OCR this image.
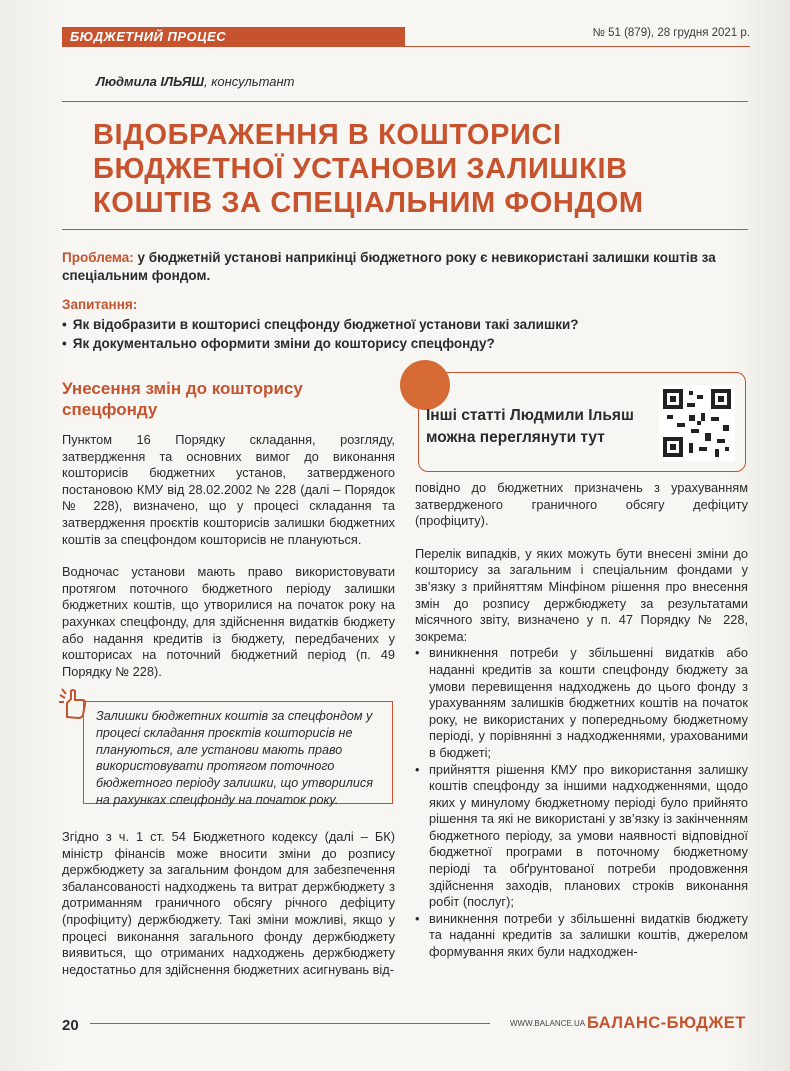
БЮДЖЕТНИЙ ПРОЦЕС	№ 51 (879), 28 грудня 2021 р.
Людмила ІЛЬЯШ, консультант
ВІДОБРАЖЕННЯ В КОШТОРИСІ БЮДЖЕТНОЇ УСТАНОВИ ЗАЛИШКІВ КОШТІВ ЗА СПЕЦІАЛЬНИМ ФОНДОМ
Проблема: у бюджетній установі наприкінці бюджетного року є невикористані залишки коштів за спеціальним фондом.
Запитання:
• Як відобразити в кошторисі спецфонду бюджетної установи такі залишки?
• Як документально оформити зміни до кошторису спецфонду?
Унесення змін до кошторису спецфонду

Пунктом 16 Порядку складання, розгляду, затвердження та основних вимог до виконання кошторисів бюджетних установ, затвердженого постановою КМУ від 28.02.2002 № 228 (далі – Порядок № 228), визначено, що у процесі складання та затвердження проєктів кошторисів залишки бюджетних коштів за спецфондом кошторисів не плануються.

Водночас установи мають право використовувати протягом поточного бюджетного періоду залишки бюджетних коштів, що утворилися на початок року на рахунках спецфонду, для здійснення видатків бюджету або надання кредитів із бюджету, передбачених у кошторисах на поточний бюджетний період (п. 49 Порядку № 228).

Залишки бюджетних коштів за спецфондом у процесі складання проєктів кошторисів не плануються, але установи мають право використовувати протягом поточного бюджетного періоду залишки, що утворилися на рахунках спецфонду на початок року.

Згідно з ч. 1 ст. 54 Бюджетного кодексу (далі – БК) міністр фінансів може вносити зміни до розпису держбюджету за загальним фондом для забезпечення збалансованості надходжень та витрат держбюджету з дотриманням граничного обсягу річного дефіциту (профіциту) держбюджету. Такі зміни можливі, якщо у процесі виконання загального фонду держбюджету виявиться, що отриманих надходжень держбюджету недостатньо для здійснення бюджетних асигнувань від-

Інші статті Людмили Ільяш можна переглянути тут

повідно до бюджетних призначень з урахуванням затвердженого граничного обсягу дефіциту (профіциту).

Перелік випадків, у яких можуть бути внесені зміни до кошторису за загальним і спеціальним фондами у зв’язку з прийняттям Мінфіном рішення про внесення змін до розпису держбюджету за результатами місячного звіту, визначено у п. 47 Порядку № 228, зокрема:

• виникнення потреби у збільшенні видатків або наданні кредитів за кошти спецфонду бюджету за умови перевищення надходжень до цього фонду з урахуванням залишків бюджетних коштів на початок року, не використаних у попередньому бюджетному періоді, у порівнянні з надходженнями, урахованими в бюджеті;
• прийняття рішення КМУ про використання залишку коштів спецфонду за іншими надходженнями, щодо яких у минулому бюджетному періоді було прийнято рішення та які не використані у зв’язку із закінченням бюджетного періоду, за умови наявності відповідної бюджетної програми в поточному бюджетному періоді та обґрунтованої потреби продовження здійснення заходів, планових строків виконання робіт (послуг);
• виникнення потреби у збільшенні видатків бюджету та наданні кредитів за залишки коштів, джерелом формування яких були надходжен-
20	WWW.BALANCE.UA БАЛАНС-БЮДЖЕТ
